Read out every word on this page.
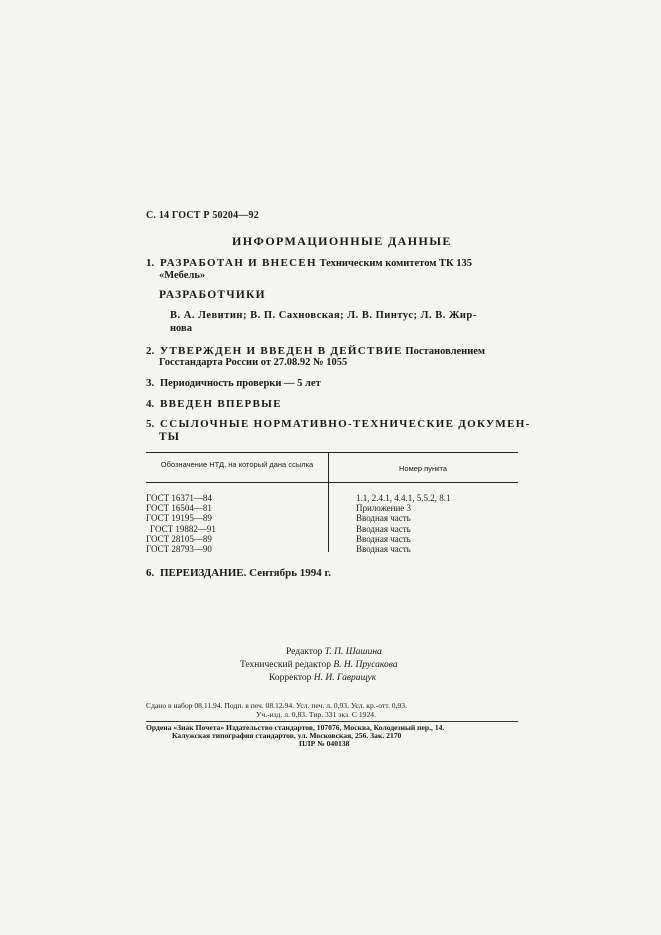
С. 14 ГОСТ Р 50204—92
ИНФОРМАЦИОННЫЕ ДАННЫЕ
1. РАЗРАБОТАН И ВНЕСЕН Техническим комитетом ТК 135
«Мебель»
РАЗРАБОТЧИКИ
В. А. Левитин; В. П. Сахновская; Л. В. Пинтус; Л. В. Жир-
нова
2. УТВЕРЖДЕН И ВВЕДЕН В ДЕЙСТВИЕ Постановлением
Госстандарта России от 27.08.92 № 1055
3. Периодичность проверки — 5 лет
4. ВВЕДЕН ВПЕРВЫЕ
5. ССЫЛОЧНЫЕ НОРМАТИВНО-ТЕХНИЧЕСКИЕ ДОКУМЕН-
ТЫ
Обозначение НТД, на который дана ссылка	Номер пункта
ГОСТ 16371—84
ГОСТ 16504—81
ГОСТ 19195—89
ГОСТ 19882—91
ГОСТ 28105—89
ГОСТ 28793—90
1.1, 2.4.1, 4.4.1, 5.5.2, 8.1
Приложение 3
Вводная часть
Вводная часть
Вводная часть
Вводная часть
6. ПЕРЕИЗДАНИЕ. Сентябрь 1994 г.
Редактор Т. П. Шашина
Технический редактор В. Н. Прусакова
Корректор Н. И. Гаврищук
Сдано в набор 08.11.94. Подп. в печ. 08.12.94. Усл. печ. л. 0,93. Усл. кр.-отт. 0,93.
Уч.-изд. л. 0,83. Тир. 331 экз. С 1924.
Ордена «Знак Почета» Издательство стандартов, 107076, Москва, Колодезный пер., 14.
Калужская типография стандартов, ул. Московская, 256. Зак. 2170
ПЛР № 040138
